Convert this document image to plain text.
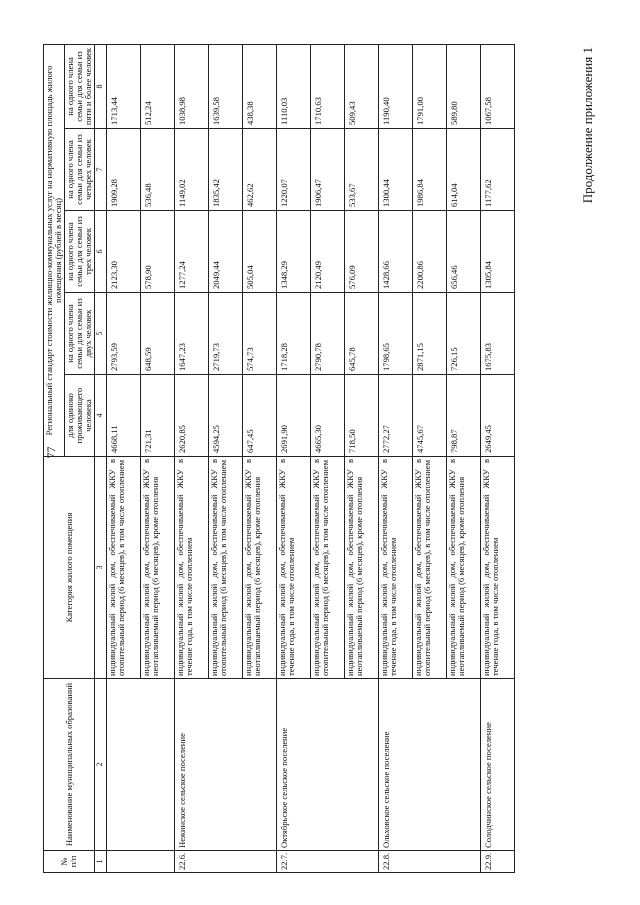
77
Продолжение приложения 1
№ п/п	Наименование муниципальных образований	Категория жилого помещения	Региональный стандарт стоимости жилищно-коммунальных услуг на нормативную площадь жилого помещения (рублей в месяц)				
			для одиноко проживающего человека	на одного члена семьи для семьи из двух человек	на одного члена семьи для семьи из трех человек	на одного члена семьи для семьи из четырех человек	на одного члена семьи для семьи из пяти и более человек
1	2	3	4	5	6	7	8
		индивидуальный жилой дом, обеспечиваемый ЖКУ в отопительный период (6 месяцев), в том числе отоплением	4668,11	2793,59	2123,30	1909,28	1713,44
		индивидуальный жилой дом, обеспечиваемый ЖКУ в неотапливаемый период (6 месяцев), кроме отопления	721,31	648,59	578,90	536,48	512,24
22.6.	Нежинское сельское поселение	индивидуальный жилой дом, обеспечиваемый ЖКУ в течение года, в том числе отоплением	2620,85	1647,23	1277,24	1149,02	1038,98
		индивидуальный жилой дом, обеспечиваемый ЖКУ в отопительный период (6 месяцев), в том числе отоплением	4594,25	2719,73	2049,44	1835,42	1639,58
		индивидуальный жилой дом, обеспечиваемый ЖКУ в неотапливаемый период (6 месяцев), кроме отопления	647,45	574,73	505,04	462,62	438,38
22.7.	Октябрьское сельское поселение	индивидуальный жилой дом, обеспечиваемый ЖКУ в течение года, в том числе отоплением	2691,90	1718,28	1348,29	1220,07	1110,03
		индивидуальный жилой дом, обеспечиваемый ЖКУ в отопительный период (6 месяцев), в том числе отоплением	4665,30	2790,78	2120,49	1906,47	1710,63
		индивидуальный жилой дом, обеспечиваемый ЖКУ в неотапливаемый период (6 месяцев), кроме отопления	718,50	645,78	576,09	533,67	509,43
22.8.	Ольховское сельское поселение	индивидуальный жилой дом, обеспечиваемый ЖКУ в течение года, в том числе отоплением	2772,27	1798,65	1428,66	1300,44	1190,40
		индивидуальный жилой дом, обеспечиваемый ЖКУ в отопительный период (6 месяцев), в том числе отоплением	4745,67	2871,15	2200,86	1986,84	1791,00
		индивидуальный жилой дом, обеспечиваемый ЖКУ в неотапливаемый период (6 месяцев), кроме отопления	798,87	726,15	656,46	614,04	589,80
22.9.	Солодчинское сельское поселение	индивидуальный жилой дом, обеспечиваемый ЖКУ в течение года, в том числе отоплением	2649,45	1675,83	1305,84	1177,62	1067,58
